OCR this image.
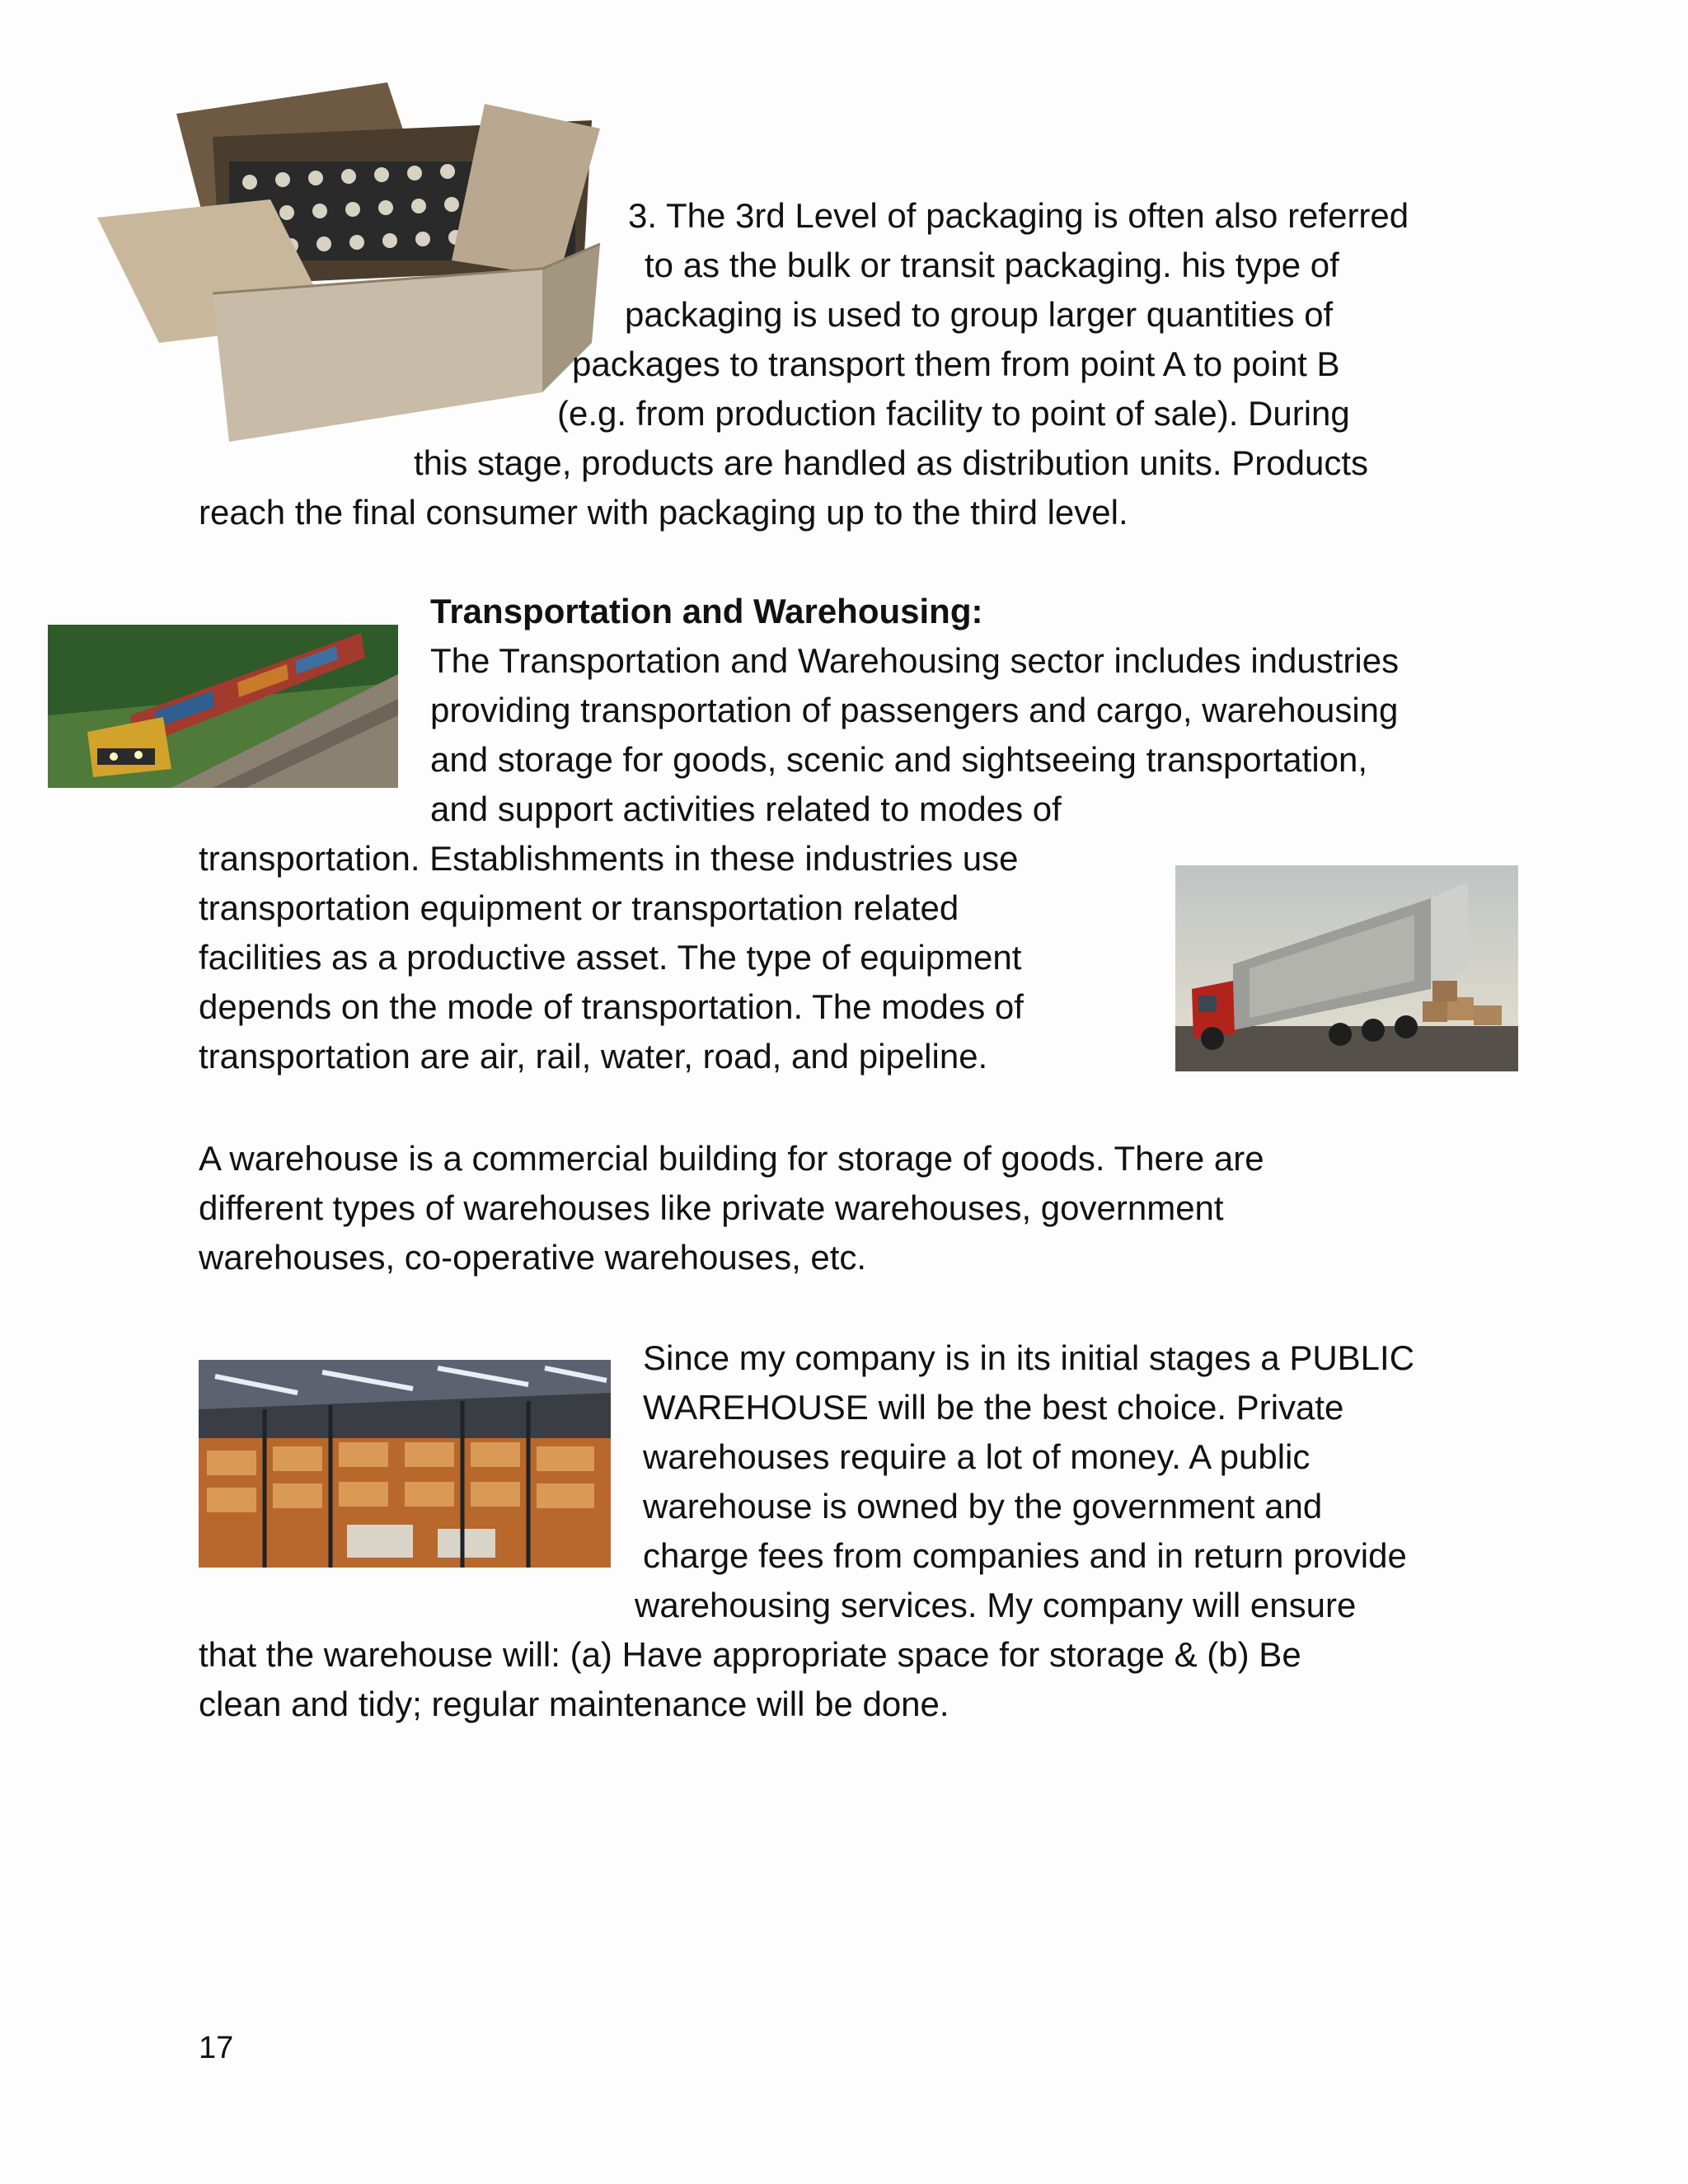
3. The 3rd Level of packaging is often also referred
to as the bulk or transit packaging. his type of
packaging is used to group larger quantities of
packages to transport them from point A to point B
(e.g. from production facility to point of sale). During
this stage, products are handled as distribution units. Products
reach the final consumer with packaging up to the third level.
Transportation and Warehousing:
The Transportation and Warehousing sector includes industries
providing transportation of passengers and cargo, warehousing
and storage for goods, scenic and sightseeing transportation,
and support activities related to modes of
transportation. Establishments in these industries use
transportation equipment or transportation related
facilities as a productive asset. The type of equipment
depends on the mode of transportation. The modes of
transportation are air, rail, water, road, and pipeline.
A warehouse is a commercial building for storage of goods. There are
different types of warehouses like private warehouses, government
warehouses, co-operative warehouses, etc.
Since my company is in its initial stages a PUBLIC
WAREHOUSE will be the best choice. Private
warehouses require a lot of money. A public
warehouse is owned by the government and
charge fees from companies and in return provide
warehousing services. My company will ensure
that the warehouse will: (a) Have appropriate space for storage & (b) Be
clean and tidy; regular maintenance will be done.
17
